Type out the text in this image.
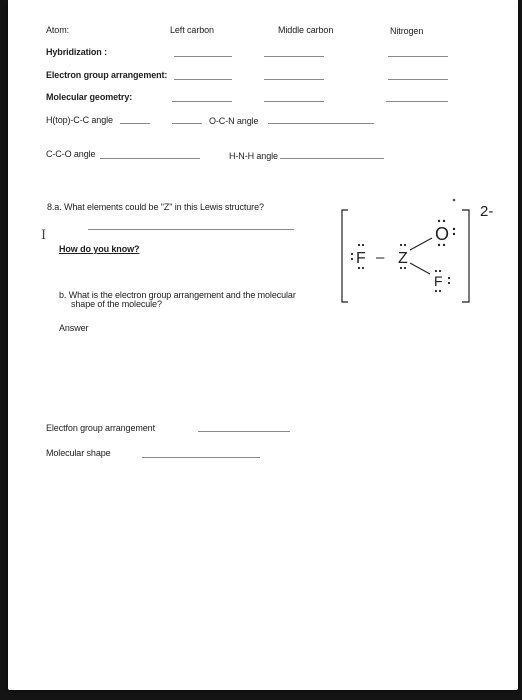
Atom:	Left carbon	Middle carbon	Nitrogen
Hybridization :
Electron group arrangement:
Molecular geometry:
H(top)-C-C angle	O-C-N angle
C-C-O angle	H-N-H angle
8.a. What elements could be "Z" in this Lewis structure?
I
How do you know?
b. What is the electron group arrangement and the molecular
shape of the molecule?
Answer
Electfon group arrangement
Molecular shape
F – Z
O
F
2-
